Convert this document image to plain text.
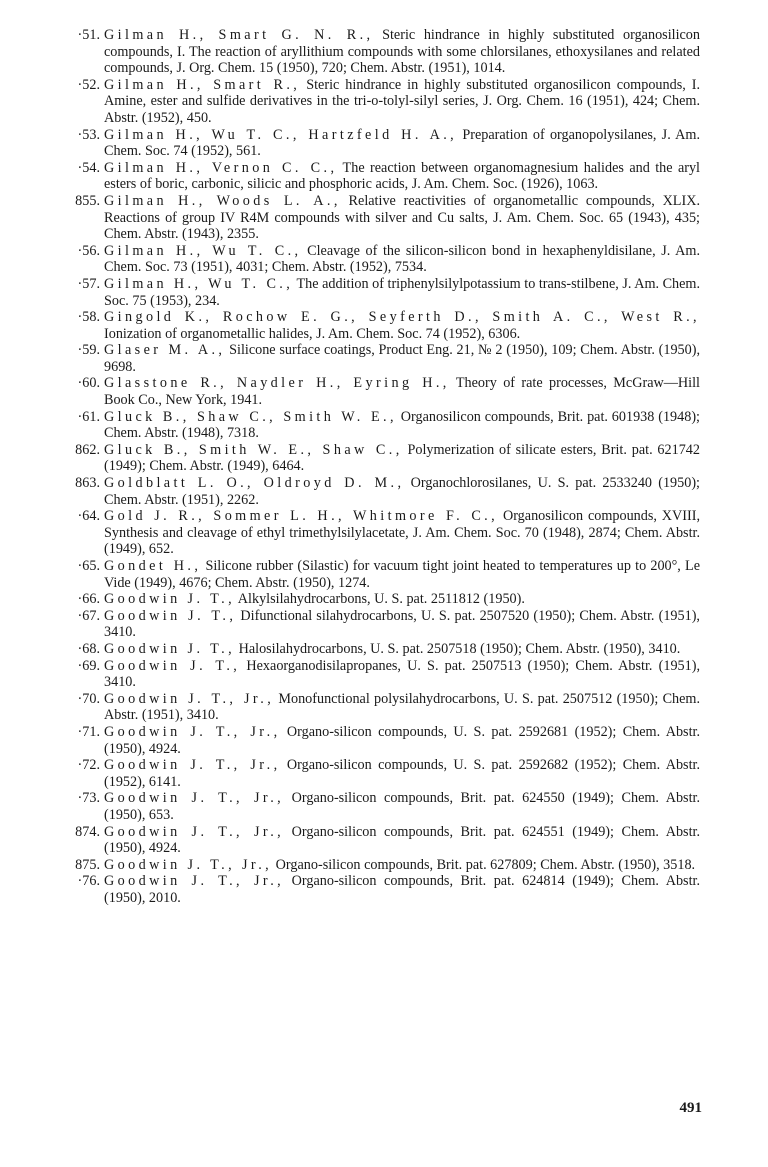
·51. Gilman H., Smart G. N. R., Steric hindrance in highly substituted organosilicon compounds, I. The reaction of aryllithium compounds with some chlorsilanes, ethoxysilanes and related compounds, J. Org. Chem. 15 (1950), 720; Chem. Abstr. (1951), 1014.

·52. Gilman H., Smart R., Steric hindrance in highly substituted organosilicon compounds, I. Amine, ester and sulfide derivatives in the tri-o-tolyl-silyl series, J. Org. Chem. 16 (1951), 424; Chem. Abstr. (1952), 450.

·53. Gilman H., Wu T. C., Hartzfeld H. A., Preparation of organopolysilanes, J. Am. Chem. Soc. 74 (1952), 561.

·54. Gilman H., Vernon C. C., The reaction between organomagnesium halides and the aryl esters of boric, carbonic, silicic and phosphoric acids, J. Am. Chem. Soc. (1926), 1063.

855. Gilman H., Woods L. A., Relative reactivities of organometallic compounds, XLIX. Reactions of group IV R4M compounds with silver and Cu salts, J. Am. Chem. Soc. 65 (1943), 435; Chem. Abstr. (1943), 2355.

·56. Gilman H., Wu T. C., Cleavage of the silicon-silicon bond in hexaphenyldisilane, J. Am. Chem. Soc. 73 (1951), 4031; Chem. Abstr. (1952), 7534.

·57. Gilman H., Wu T. C., The addition of triphenylsilylpotassium to trans-stilbene, J. Am. Chem. Soc. 75 (1953), 234.

·58. Gingold K., Rochow E. G., Seyferth D., Smith A. C., West R., Ionization of organometallic halides, J. Am. Chem. Soc. 74 (1952), 6306.

·59. Glaser M. A., Silicone surface coatings, Product Eng. 21, № 2 (1950), 109; Chem. Abstr. (1950), 9698.

·60. Glasstone R., Naydler H., Eyring H., Theory of rate processes, McGraw—Hill Book Co., New York, 1941.

·61. Gluck B., Shaw C., Smith W. E., Organosilicon compounds, Brit. pat. 601938 (1948); Chem. Abstr. (1948), 7318.

862. Gluck B., Smith W. E., Shaw C., Polymerization of silicate esters, Brit. pat. 621742 (1949); Chem. Abstr. (1949), 6464.

863. Goldblatt L. O., Oldroyd D. M., Organochlorosilanes, U. S. pat. 2533240 (1950); Chem. Abstr. (1951), 2262.

·64. Gold J. R., Sommer L. H., Whitmore F. C., Organosilicon compounds, XVIII, Synthesis and cleavage of ethyl trimethylsilylacetate, J. Am. Chem. Soc. 70 (1948), 2874; Chem. Abstr. (1949), 652.

·65. Gondet H., Silicone rubber (Silastic) for vacuum tight joint heated to temperatures up to 200°, Le Vide (1949), 4676; Chem. Abstr. (1950), 1274.

·66. Goodwin J. T., Alkylsilahydrocarbons, U. S. pat. 2511812 (1950).

·67. Goodwin J. T., Difunctional silahydrocarbons, U. S. pat. 2507520 (1950); Chem. Abstr. (1951), 3410.

·68. Goodwin J. T., Halosilahydrocarbons, U. S. pat. 2507518 (1950); Chem. Abstr. (1950), 3410.

·69. Goodwin J. T., Hexaorganodisilapropanes, U. S. pat. 2507513 (1950); Chem. Abstr. (1951), 3410.

·70. Goodwin J. T., Jr., Monofunctional polysilahydrocarbons, U. S. pat. 2507512 (1950); Chem. Abstr. (1951), 3410.

·71. Goodwin J. T., Jr., Organo-silicon compounds, U. S. pat. 2592681 (1952); Chem. Abstr. (1950), 4924.

·72. Goodwin J. T., Jr., Organo-silicon compounds, U. S. pat. 2592682 (1952); Chem. Abstr. (1952), 6141.

·73. Goodwin J. T., Jr., Organo-silicon compounds, Brit. pat. 624550 (1949); Chem. Abstr. (1950), 653.

874. Goodwin J. T., Jr., Organo-silicon compounds, Brit. pat. 624551 (1949); Chem. Abstr. (1950), 4924.

875. Goodwin J. T., Jr., Organo-silicon compounds, Brit. pat. 627809; Chem. Abstr. (1950), 3518.

·76. Goodwin J. T., Jr., Organo-silicon compounds, Brit. pat. 624814 (1949); Chem. Abstr. (1950), 2010.

491
